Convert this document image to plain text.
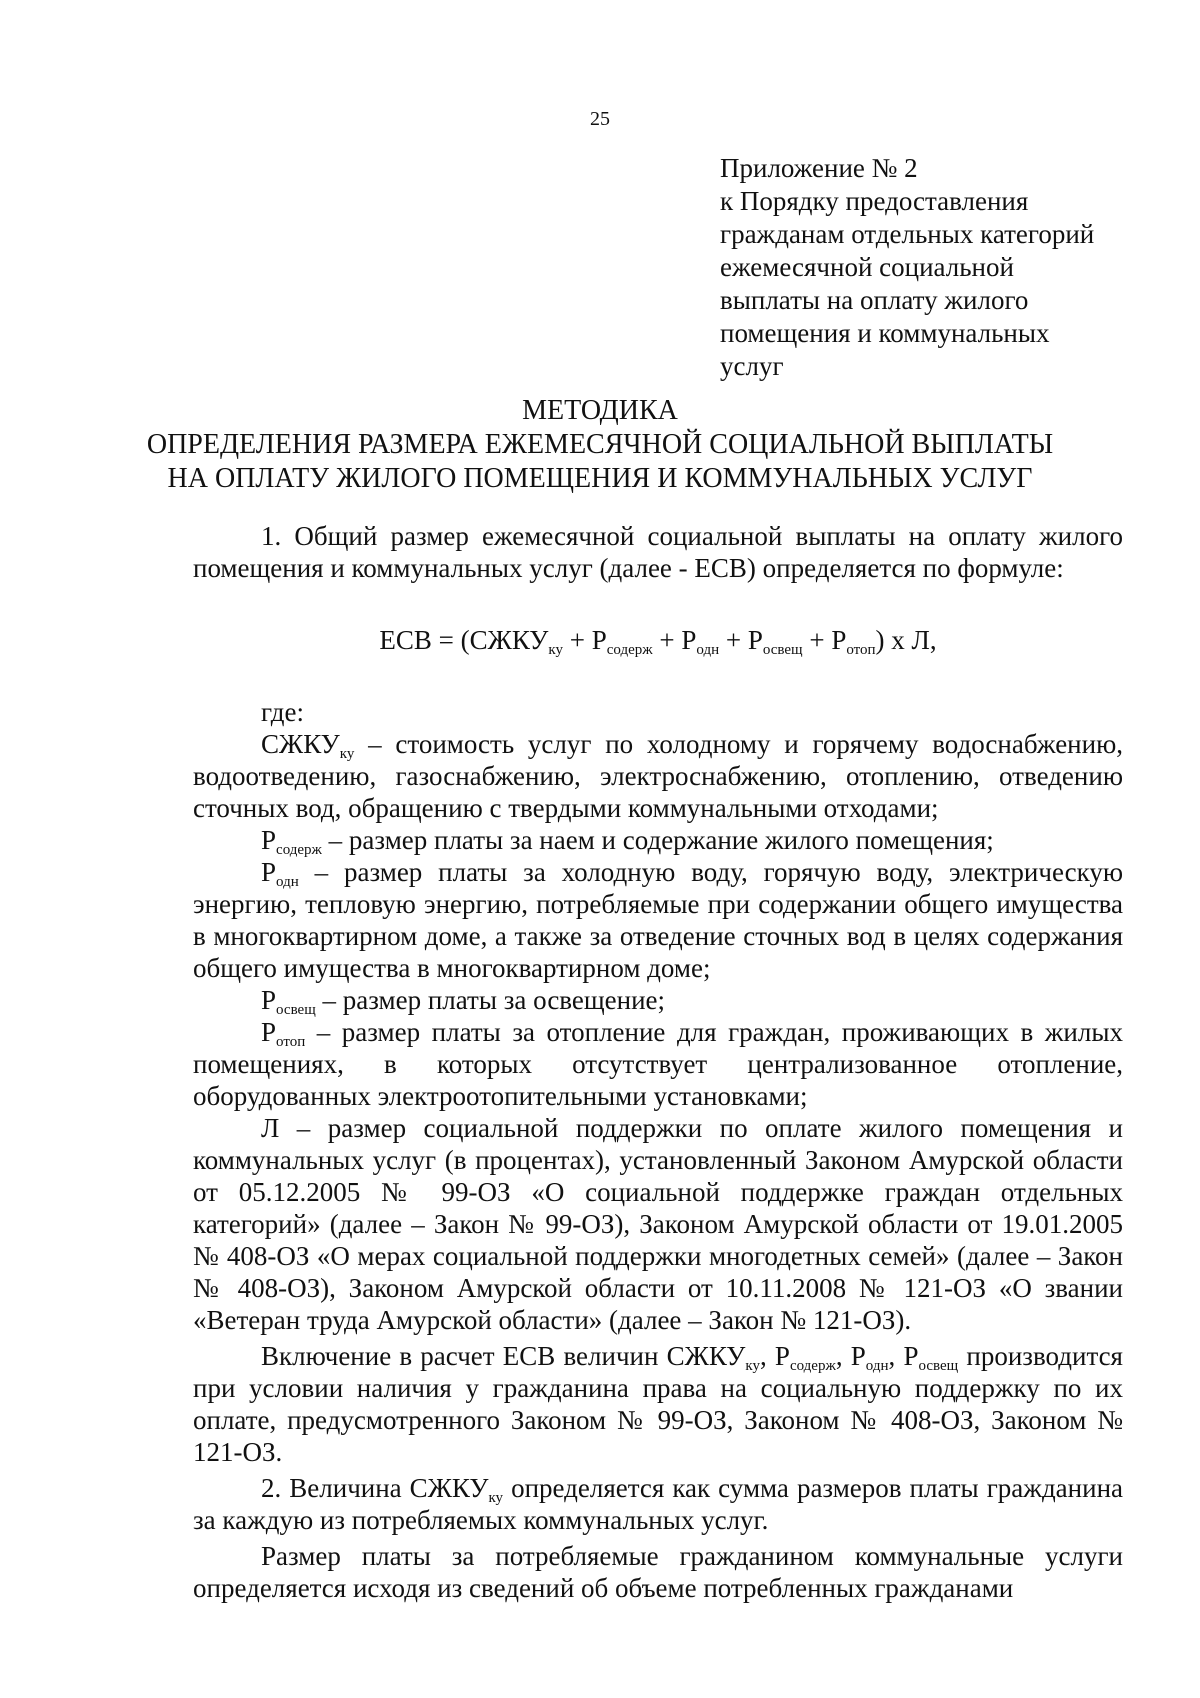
25
Приложение № 2
к Порядку предоставления
гражданам отдельных категорий
ежемесячной социальной
выплаты на оплату жилого
помещения и коммунальных
услуг
МЕТОДИКА
ОПРЕДЕЛЕНИЯ РАЗМЕРА ЕЖЕМЕСЯЧНОЙ СОЦИАЛЬНОЙ ВЫПЛАТЫ
НА ОПЛАТУ ЖИЛОГО ПОМЕЩЕНИЯ И КОММУНАЛЬНЫХ УСЛУГ

1. Общий размер ежемесячной социальной выплаты на оплату жилого помещения и коммунальных услуг (далее - ЕСВ) определяется по формуле:

ЕСВ = $(СЖКУ_{ку} + Р_{содерж} + Р_{одн} + Р_{освещ} + Р_{отоп})$ х Л,

где:

$СЖКУ_{ку}$ – стоимость услуг по холодному и горячему водоснабжению, водоотведению, газоснабжению, электроснабжению, отоплению, отведению сточных вод, обращению с твердыми коммунальными отходами;

$Р_{содерж}$ – размер платы за наем и содержание жилого помещения;

$Р_{одн}$ – размер платы за холодную воду, горячую воду, электрическую энергию, тепловую энергию, потребляемые при содержании общего имущества в многоквартирном доме, а также за отведение сточных вод в целях содержания общего имущества в многоквартирном доме;

$Р_{освещ}$ – размер платы за освещение;

$Р_{отоп}$ – размер платы за отопление для граждан, проживающих в жилых помещениях, в которых отсутствует централизованное отопление, оборудованных электроотопительными установками;

Л – размер социальной поддержки по оплате жилого помещения и коммунальных услуг (в процентах), установленный Законом Амурской области от 05.12.2005 № 99-ОЗ «О социальной поддержке граждан отдельных категорий» (далее – Закон № 99-ОЗ), Законом Амурской области от 19.01.2005 № 408-ОЗ «О мерах социальной поддержки многодетных семей» (далее – Закон № 408-ОЗ), Законом Амурской области от 10.11.2008 № 121-ОЗ «О звании «Ветеран труда Амурской области» (далее – Закон № 121-ОЗ).

Включение в расчет ЕСВ величин $СЖКУ_{ку}$, $Р_{содерж}$, $Р_{одн}$, $Р_{освещ}$ производится при условии наличия у гражданина права на социальную поддержку по их оплате, предусмотренного Законом № 99-ОЗ, Законом № 408-ОЗ, Законом № 121-ОЗ.

2. Величина $СЖКУ_{ку}$ определяется как сумма размеров платы гражданина за каждую из потребляемых коммунальных услуг.

Размер платы за потребляемые гражданином коммунальные услуги определяется исходя из сведений об объеме потребленных гражданами
